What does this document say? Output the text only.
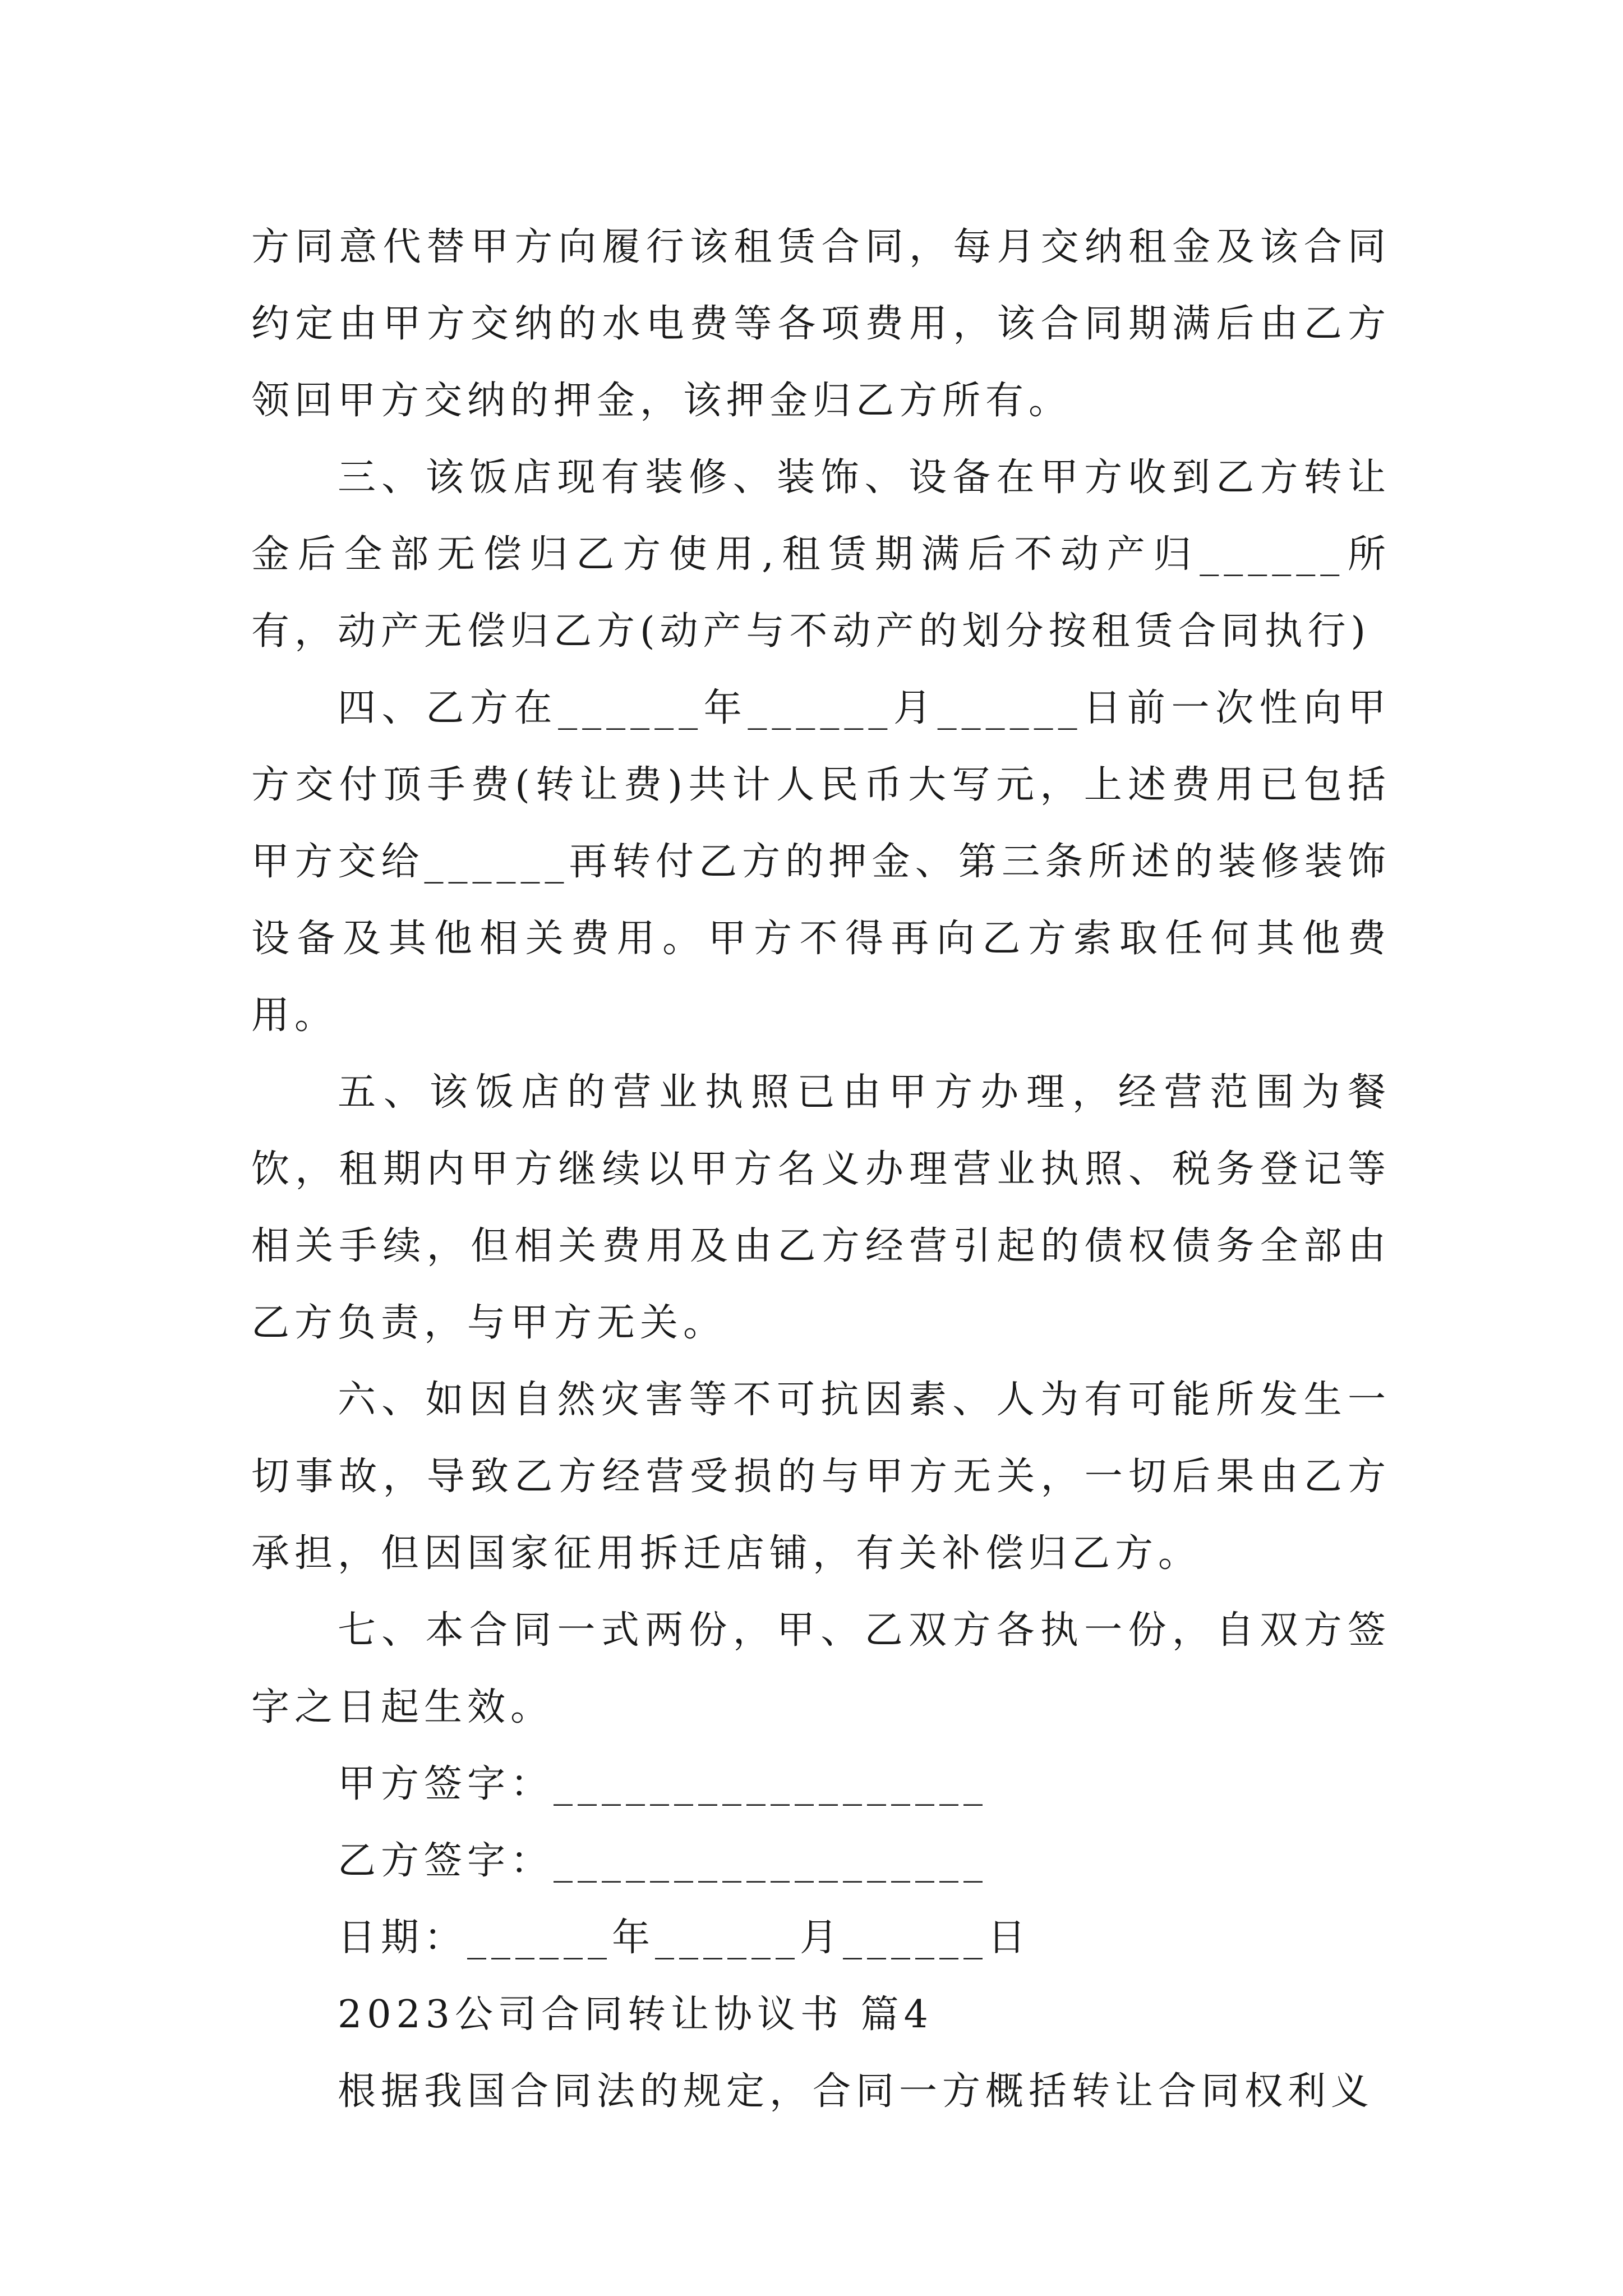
方同意代替甲方向履行该租赁合同，每月交纳租金及该合同约定由甲方交纳的水电费等各项费用，该合同期满后由乙方领回甲方交纳的押金，该押金归乙方所有。

三、该饭店现有装修、装饰、设备在甲方收到乙方转让金后全部无偿归乙方使用,租赁期满后不动产归______所有，动产无偿归乙方(动产与不动产的划分按租赁合同执行)

四、乙方在______年______月______日前一次性向甲方交付顶手费(转让费)共计人民币大写元，上述费用已包括甲方交给______再转付乙方的押金、第三条所述的装修装饰设备及其他相关费用。甲方不得再向乙方索取任何其他费用。

五、该饭店的营业执照已由甲方办理，经营范围为餐饮，租期内甲方继续以甲方名义办理营业执照、税务登记等相关手续，但相关费用及由乙方经营引起的债权债务全部由乙方负责，与甲方无关。

六、如因自然灾害等不可抗因素、人为有可能所发生一切事故，导致乙方经营受损的与甲方无关，一切后果由乙方承担，但因国家征用拆迁店铺，有关补偿归乙方。

七、本合同一式两份，甲、乙双方各执一份，自双方签字之日起生效。

甲方签字：__________________

乙方签字：__________________

日期：______年______月______日

2023公司合同转让协议书 篇4

根据我国合同法的规定，合同一方概括转让合同权利义
